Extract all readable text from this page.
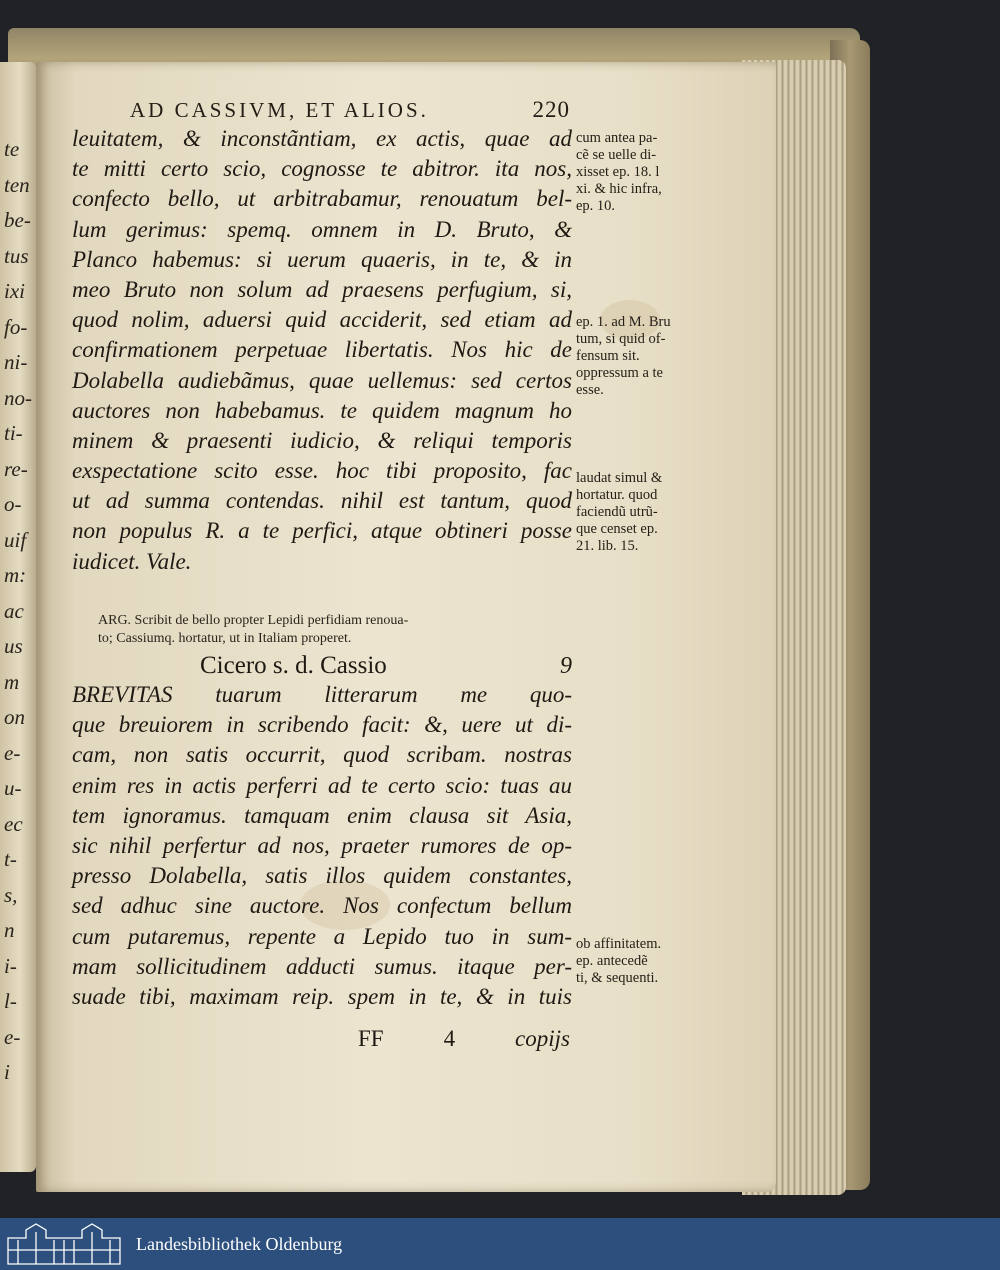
te
ten
be-
tus
ixi
fo-
ni-
no-
ti-
re-
o-
uif
m:
ac
us
m
on
e-
u-
ec
t-
s,
n
i-
l-
e-
i
AD CASSIVM, ET ALIOS.	220
leuitatem, & inconstãntiam, ex actis, quae ad
te mitti certo scio, cognosse te abitror. ita nos,
confecto bello, ut arbitrabamur, renouatum bel-
lum gerimus: spemq. omnem in D. Bruto, &
Planco habemus: si uerum quaeris, in te, & in
meo Bruto non solum ad praesens perfugium, si,
quod nolim, aduersi quid acciderit, sed etiam ad
confirmationem perpetuae libertatis. Nos hic de
Dolabella audiebãmus, quae uellemus: sed certos
auctores non habebamus. te quidem magnum ho
minem & praesenti iudicio, & reliqui temporis
exspectatione scito esse. hoc tibi proposito, fac
ut ad summa contendas. nihil est tantum, quod
non populus R. a te perfici, atque obtineri posse
iudicet. Vale.
cum antea pa-
cẽ se uelle di-
xisset ep. 18. l
xi. & hic infra,
ep. 10.
ep. 1. ad M. Bru
tum, si quid of-
fensum sit.
oppressum a te
esse.
laudat simul &
hortatur. quod
faciendũ utrũ-
que censet ep.
21. lib. 15.
ARG. Scribit de bello propter Lepidi perfidiam renoua-
to; Cassiumq. hortatur, ut in Italiam properet.
Cicero s. d. Cassio	9
BREVITAS tuarum litterarum me quo-
que breuiorem in scribendo facit: &, uere ut di-
cam, non satis occurrit, quod scribam. nostras
enim res in actis perferri ad te certo scio: tuas au
tem ignoramus. tamquam enim clausa sit Asia,
sic nihil perfertur ad nos, praeter rumores de op-
presso Dolabella, satis illos quidem constantes,
sed adhuc sine auctore. Nos confectum bellum
cum putaremus, repente a Lepido tuo in sum-
mam sollicitudinem adducti sumus. itaque per-
suade tibi, maximam reip. spem in te, & in tuis
ob affinitatem.
ep. antecedẽ
ti, & sequenti.
FF	4	copijs
Landesbibliothek Oldenburg
